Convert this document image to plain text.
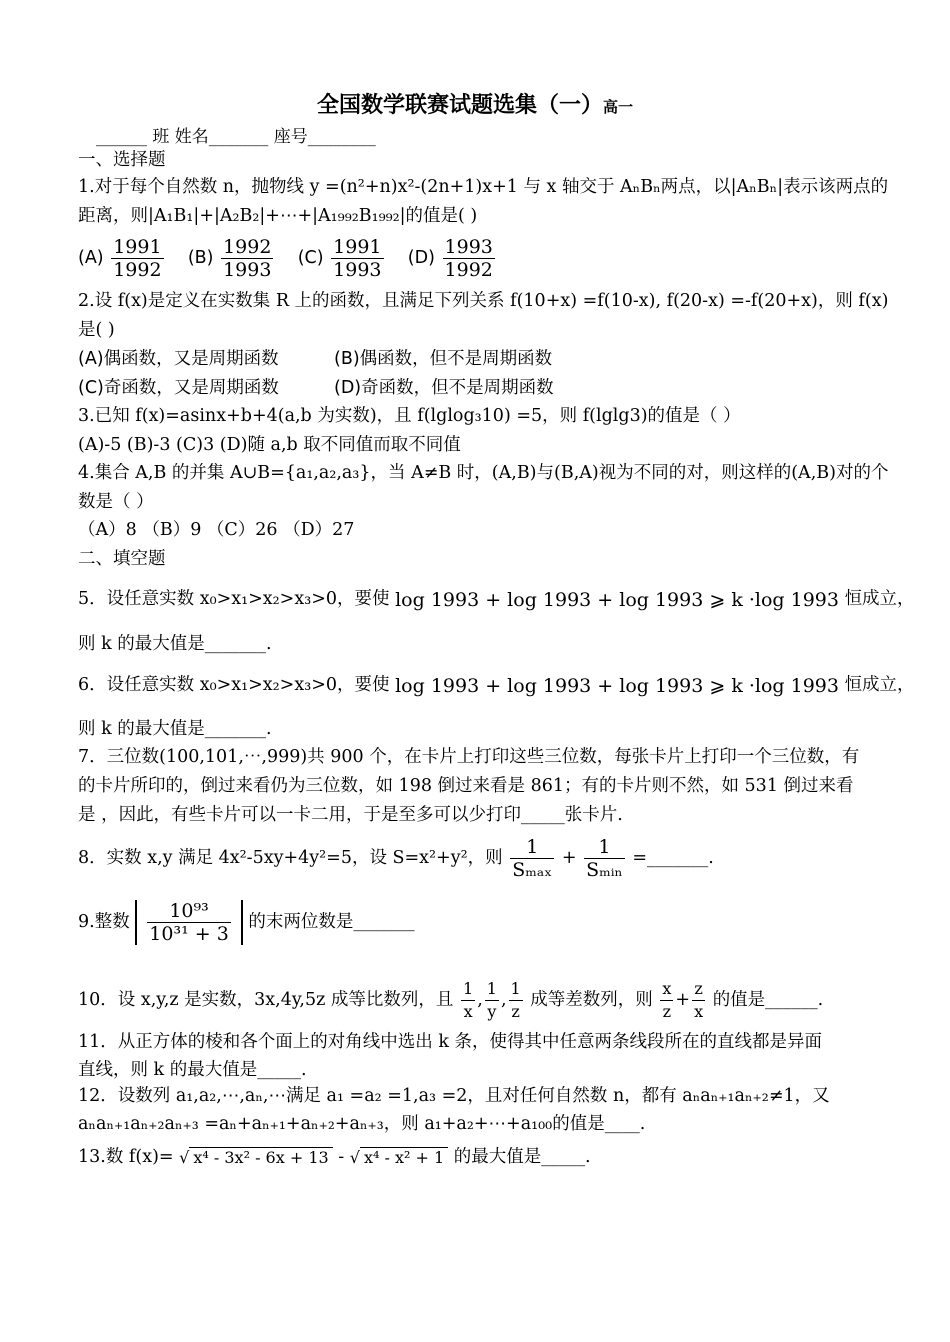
全国数学联赛试题选集（一）高一
______ 班 姓名_______ 座号________
一、选择题
1.对于每个自然数 n，抛物线 y =(n²+n)x²-(2n+1)x+1 与 x 轴交于 AₙBₙ两点，以|AₙBₙ|表示该两点的
距离，则|A₁B₁|+|A₂B₂|+⋯+|A₁₉₉₂B₁₉₉₂|的值是( )
$(A) \frac{1991}{1992} (B) \frac{1992}{1993} (C) \frac{1991}{1993} (D) \frac{1993}{1992}$
2.设 f(x)是定义在实数集 R 上的函数，且满足下列关系 f(10+x) =f(10-x), f(20-x) =-f(20+x)，则 f(x)
是( )
(A)偶函数，又是周期函数	(B)偶函数，但不是周期函数
(C)奇函数，又是周期函数	(D)奇函数，但不是周期函数
3.已知 f(x)=asinx+b+4(a,b 为实数)，且 f(lglog₃10) =5，则 f(lglg3)的值是（ ）
(A)-5 (B)-3 (C)3 (D)随 a,b 取不同值而取不同值
4.集合 A,B 的并集 A∪B={a₁,a₂,a₃}，当 A≠B 时，(A,B)与(B,A)视为不同的对，则这样的(A,B)对的个
数是（ ）
（A）8 （B）9 （C）26 （D）27
二、填空题
5．设任意实数 x₀>x₁>x₂>x₃>0，要使 log 1993 + log 1993 + log 1993 ⩾ k ·log 1993 恒成立，
则 k 的最大值是_______.
6．设任意实数 x₀>x₁>x₂>x₃>0，要使 log 1993 + log 1993 + log 1993 ⩾ k ·log 1993 恒成立，
则 k 的最大值是_______.
7．三位数(100,101,⋯,999)共 900 个，在卡片上打印这些三位数，每张卡片上打印一个三位数，有
的卡片所印的，倒过来看仍为三位数，如 198 倒过来看是 861；有的卡片则不然，如 531 倒过来看
是 ，因此，有些卡片可以一卡二用，于是至多可以少打印_____张卡片.
8．实数 x,y 满足 4x²-5xy+4y²=5，设 S=x²+y²，则 $\frac{1}{\text{Sₘₐₓ}} + \frac{1}{\text{Sₘᵢₙ}}$ =_______.
9.整数 $\frac{\text{10⁹³}}{\text{10³¹ + 3}}$ 的末两位数是_______
10．设 x,y,z 是实数，3x,4y,5z 成等比数列，且 $\frac{1}{x}$ , $\frac{1}{y}$ , $\frac{1}{z}$ 成等差数列，则 $\frac{x}{z} + \frac{z}{x}$ 的值是______.
11．从正方体的棱和各个面上的对角线中选出 k 条，使得其中任意两条线段所在的直线都是异面
直线，则 k 的最大值是_____.
12．设数列 a₁,a₂,⋯,aₙ,⋯满足 a₁ =a₂ =1,a₃ =2，且对任何自然数 n，都有 aₙaₙ₊₁aₙ₊₂≠1，又
aₙaₙ₊₁aₙ₊₂aₙ₊₃ =aₙ+aₙ₊₁+aₙ₊₂+aₙ₊₃，则 a₁+a₂+⋯+a₁₀₀的值是____.
13.数 f(x)= √ x⁴ - 3x² - 6x + 13 - √ x⁴ - x² + 1 的最大值是_____.
